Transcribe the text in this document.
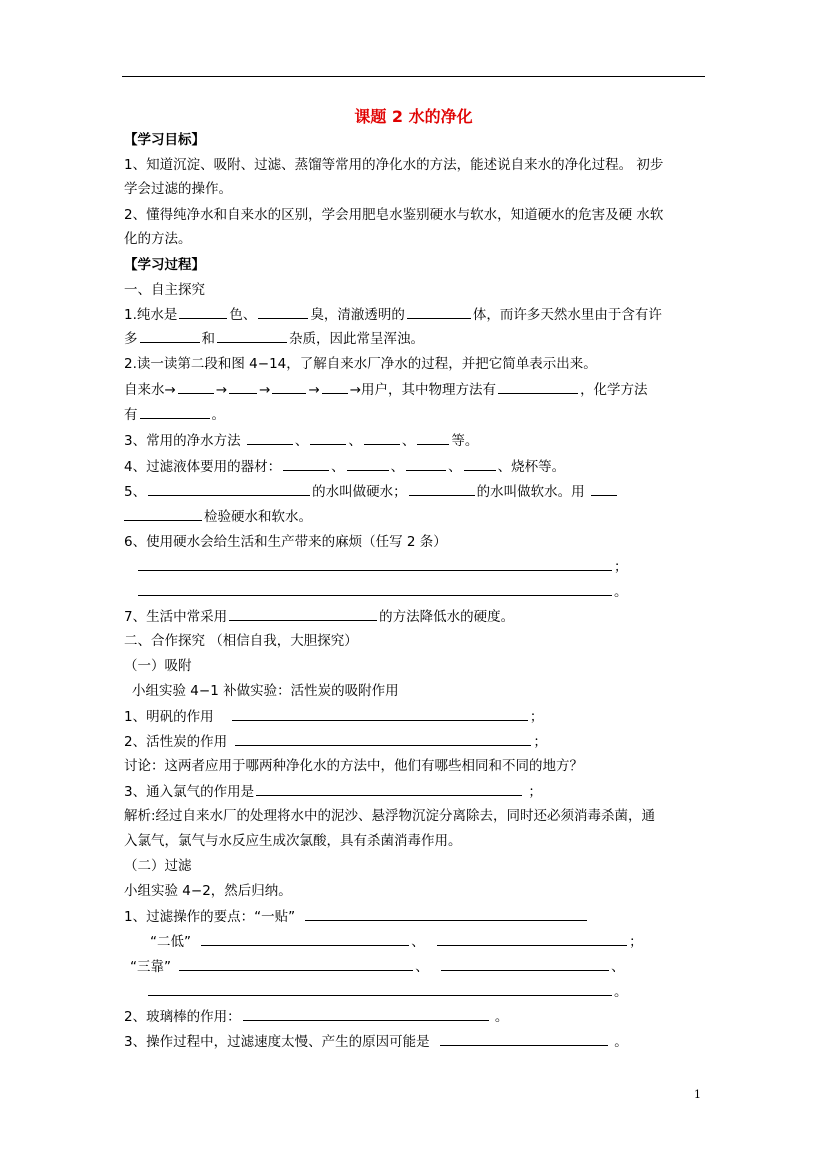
课题 2 水的净化
【学习目标】
1、知道沉淀、吸附、过滤、蒸馏等常用的净化水的方法，能述说自来水的净化过程。 初步
学会过滤的操作。
2、懂得纯净水和自来水的区别，学会用肥皂水鉴别硬水与软水，知道硬水的危害及硬 水软
化的方法。
【学习过程】
一、自主探究
1.纯水是	色、	臭，清澈透明的	体，而许多天然水里由于含有许
多	和	杂质，因此常呈浑浊。
2.读一读第二段和图 4−14，了解自来水厂净水的过程，并把它简单表示出来。
自来水→	→ →	→ →用户，其中物理方法有	，化学方法
有	。
3、常用的净水方法	、	、	、	等。
4、过滤液体要用的器材：	、	、	、	、烧杯等。
5、	的水叫做硬水；	的水叫做软水。用
检验硬水和软水。
6、使用硬水会给生活和生产带来的麻烦（任写 2 条）
；
。
7、生活中常采用	的方法降低水的硬度。
二、合作探究 （相信自我，大胆探究）
（一）吸附
小组实验 4−1 补做实验：活性炭的吸附作用
1、明矾的作用	；
2、活性炭的作用	；
讨论：这两者应用于哪两种净化水的方法中，他们有哪些相同和不同的地方？
3、通入氯气的作用是	；
解析:经过自来水厂的处理将水中的泥沙、悬浮物沉淀分离除去，同时还必须消毒杀菌，通
入氯气，氯气与水反应生成次氯酸，具有杀菌消毒作用。
（二）过滤
小组实验 4−2，然后归纳。
1、过滤操作的要点：“一贴”
“二低”	、	；
“三靠”	、	、
。
2、玻璃棒的作用：	。
3、操作过程中，过滤速度太慢、产生的原因可能是	。
1
